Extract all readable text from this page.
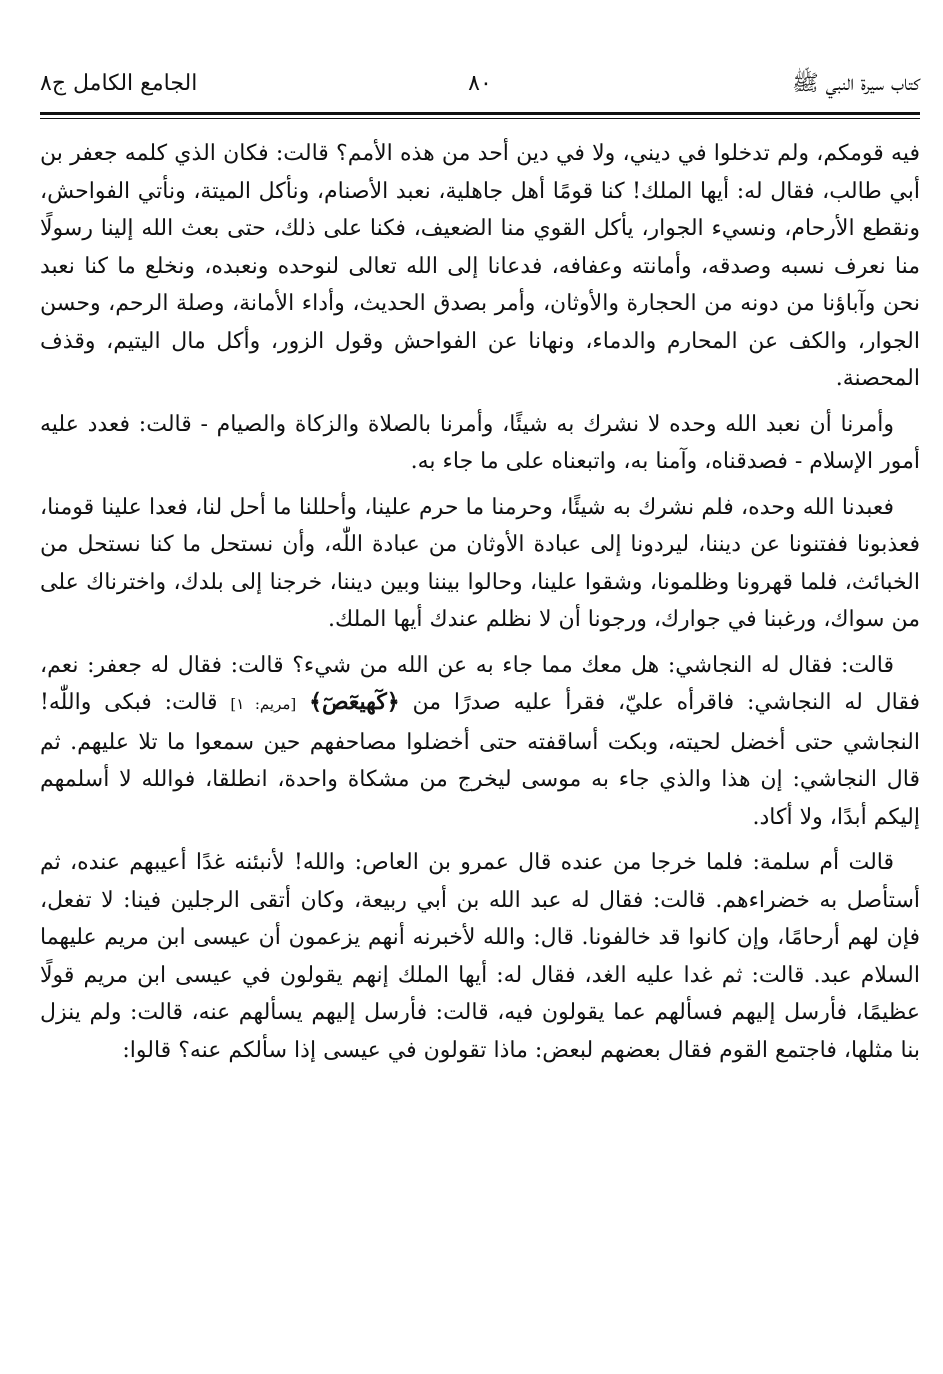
كتاب سيرة النبي ﷺ
٨٠
الجامع الكامل ج٨

فيه قومكم، ولم تدخلوا في ديني، ولا في دين أحد من هذه الأمم؟ قالت: فكان الذي كلمه جعفر بن أبي طالب، فقال له: أيها الملك! كنا قومًا أهل جاهلية، نعبد الأصنام، ونأكل الميتة، ونأتي الفواحش، ونقطع الأرحام، ونسيء الجوار، يأكل القوي منا الضعيف، فكنا على ذلك، حتى بعث الله إلينا رسولًا منا نعرف نسبه وصدقه، وأمانته وعفافه، فدعانا إلى الله تعالى لنوحده ونعبده، ونخلع ما كنا نعبد نحن وآباؤنا من دونه من الحجارة والأوثان، وأمر بصدق الحديث، وأداء الأمانة، وصلة الرحم، وحسن الجوار، والكف عن المحارم والدماء، ونهانا عن الفواحش وقول الزور، وأكل مال اليتيم، وقذف المحصنة.

وأمرنا أن نعبد الله وحده لا نشرك به شيئًا، وأمرنا بالصلاة والزكاة والصيام - قالت: فعدد عليه أمور الإسلام - فصدقناه، وآمنا به، واتبعناه على ما جاء به.

فعبدنا الله وحده، فلم نشرك به شيئًا، وحرمنا ما حرم علينا، وأحللنا ما أحل لنا، فعدا علينا قومنا، فعذبونا ففتنونا عن ديننا، ليردونا إلى عبادة الأوثان من عبادة اللّٰه، وأن نستحل ما كنا نستحل من الخبائث، فلما قهرونا وظلمونا، وشقوا علينا، وحالوا بيننا وبين ديننا، خرجنا إلى بلدك، واخترناك على من سواك، ورغبنا في جوارك، ورجونا أن لا نظلم عندك أيها الملك.

قالت: فقال له النجاشي: هل معك مما جاء به عن الله من شيء؟ قالت: فقال له جعفر: نعم، فقال له النجاشي: فاقرأه عليّ، فقرأ عليه صدرًا من ﴿كٓهيعٓصٓ﴾ [مريم: ١] قالت: فبكى واللّٰه! النجاشي حتى أخضل لحيته، وبكت أساقفته حتى أخضلوا مصاحفهم حين سمعوا ما تلا عليهم. ثم قال النجاشي: إن هذا والذي جاء به موسى ليخرج من مشكاة واحدة، انطلقا، فوالله لا أسلمهم إليكم أبدًا، ولا أكاد.

قالت أم سلمة: فلما خرجا من عنده قال عمرو بن العاص: والله! لأنبئنه غدًا أعيبهم عنده، ثم أستأصل به خضراءهم. قالت: فقال له عبد الله بن أبي ربيعة، وكان أتقى الرجلين فينا: لا تفعل، فإن لهم أرحامًا، وإن كانوا قد خالفونا. قال: والله لأخبرنه أنهم يزعمون أن عيسى ابن مريم عليهما السلام عبد. قالت: ثم غدا عليه الغد، فقال له: أيها الملك إنهم يقولون في عيسى ابن مريم قولًا عظيمًا، فأرسل إليهم فسألهم عما يقولون فيه، قالت: فأرسل إليهم يسألهم عنه، قالت: ولم ينزل بنا مثلها، فاجتمع القوم فقال بعضهم لبعض: ماذا تقولون في عيسى إذا سألكم عنه؟ قالوا:
